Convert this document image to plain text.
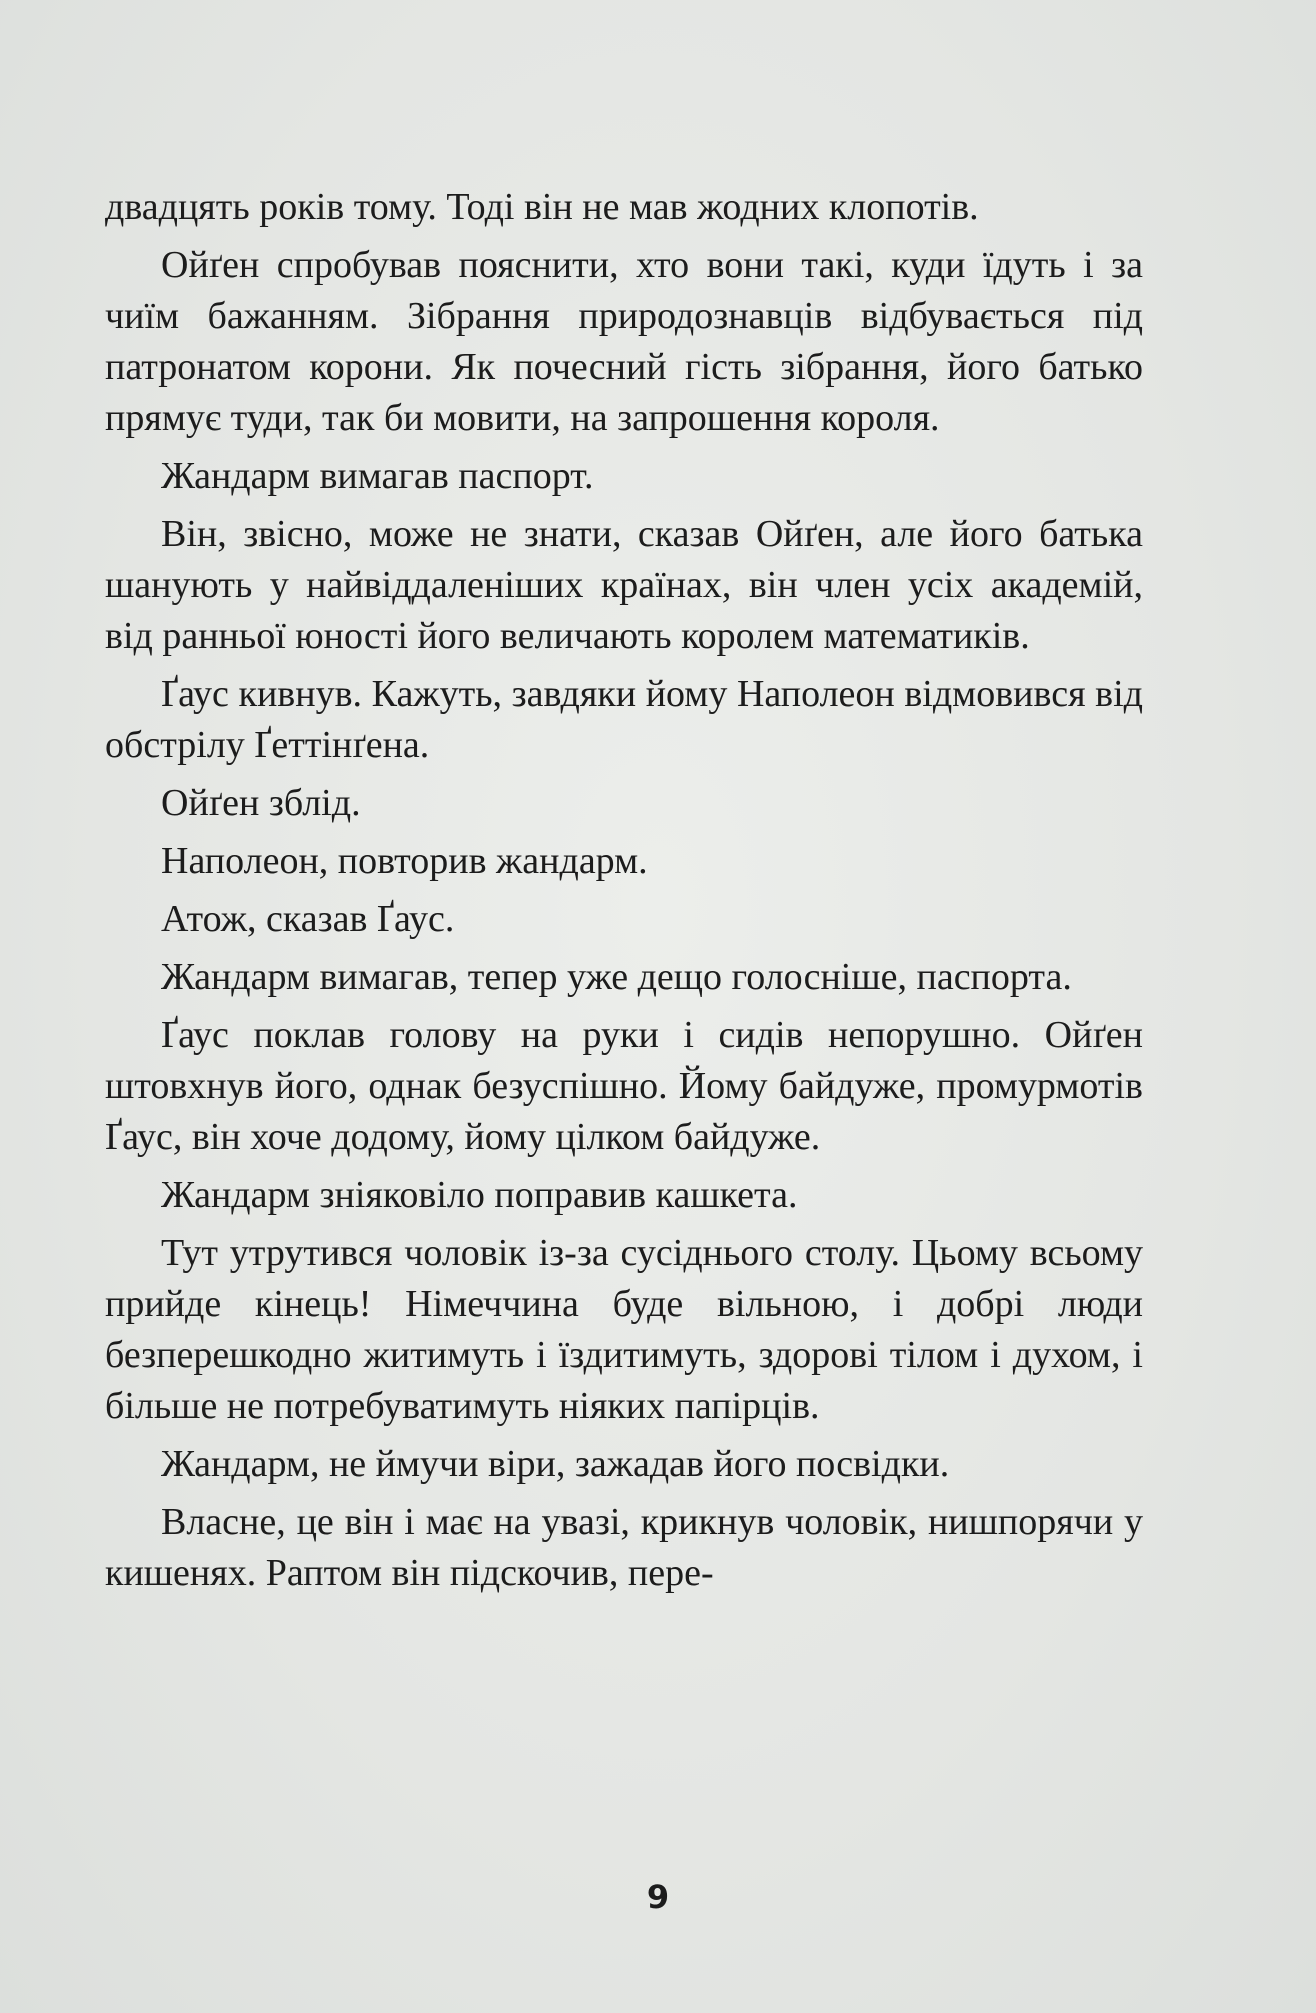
двадцять років тому. Тоді він не мав жодних клопотів.

Ойґен спробував пояснити, хто вони такі, куди їдуть і за чиїм бажанням. Зібрання природознавців відбувається під патронатом корони. Як почесний гість зібрання, його батько прямує туди, так би мовити, на запрошення короля.

Жандарм вимагав паспорт.

Він, звісно, може не знати, сказав Ойґен, але його батька шанують у найвіддаленіших країнах, він член усіх академій, від ранньої юності його величають королем математиків.

Ґаус кивнув. Кажуть, завдяки йому Наполеон відмовився від обстрілу Ґеттінґена.

Ойґен зблід.

Наполеон, повторив жандарм.

Атож, сказав Ґаус.

Жандарм вимагав, тепер уже дещо голосніше, паспорта.

Ґаус поклав голову на руки і сидів непорушно. Ойґен штовхнув його, однак безуспішно. Йому байдуже, промурмотів Ґаус, він хоче додому, йому цілком байдуже.

Жандарм зніяковіло поправив кашкета.

Тут утрутився чоловік із-за сусіднього столу. Цьому всьому прийде кінець! Німеччина буде вільною, і добрі люди безперешкодно житимуть і їздитимуть, здорові тілом і духом, і більше не потребуватимуть ніяких папірців.

Жандарм, не ймучи віри, зажадав його посвідки.

Власне, це він і має на увазі, крикнув чоловік, нишпорячи у кишенях. Раптом він підскочив, пере-

9
